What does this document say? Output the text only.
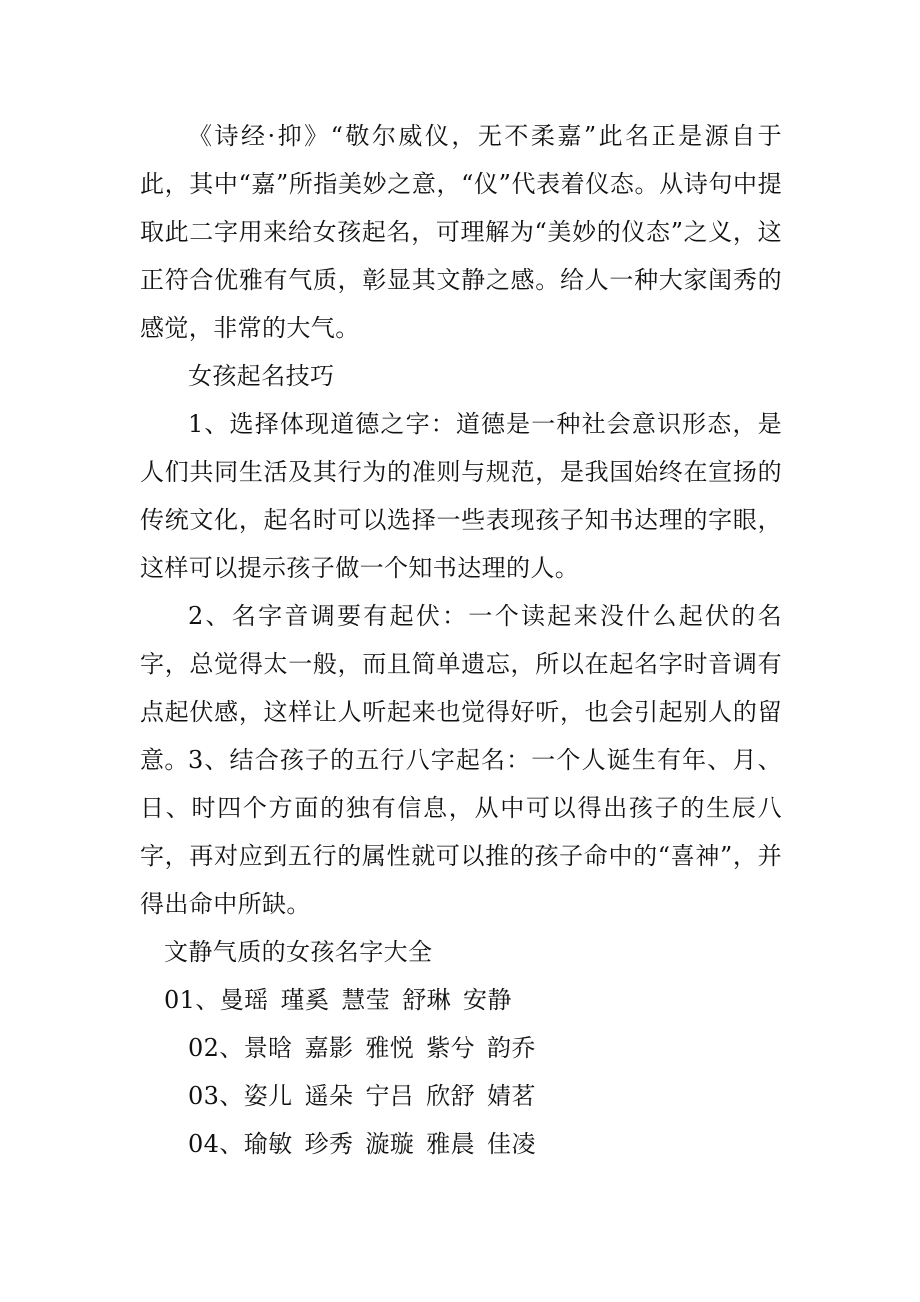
《诗经·抑》“敬尔威仪，无不柔嘉”此名正是源自于此，其中“嘉”所指美妙之意，“仪”代表着仪态。从诗句中提取此二字用来给女孩起名，可理解为“美妙的仪态”之义，这正符合优雅有气质，彰显其文静之感。给人一种大家闺秀的感觉，非常的大气。

女孩起名技巧

1、选择体现道德之字：道德是一种社会意识形态，是人们共同生活及其行为的准则与规范，是我国始终在宣扬的传统文化，起名时可以选择一些表现孩子知书达理的字眼，这样可以提示孩子做一个知书达理的人。

2、名字音调要有起伏：一个读起来没什么起伏的名字，总觉得太一般，而且简单遗忘，所以在起名字时音调有点起伏感，这样让人听起来也觉得好听，也会引起别人的留意。 3、结合孩子的五行八字起名：一个人诞生有年、月、日、时四个方面的独有信息，从中可以得出孩子的生辰八字，再对应到五行的属性就可以推的孩子命中的“喜神”，并得出命中所缺。

文静气质的女孩名字大全

01、曼瑶 瑾奚 慧莹 舒琳 安静

02、景晗 嘉影 雅悦 紫兮 韵乔

03、姿儿 遥朵 宁吕 欣舒 婧茗

04、瑜敏 珍秀 漩璇 雅晨 佳凌
